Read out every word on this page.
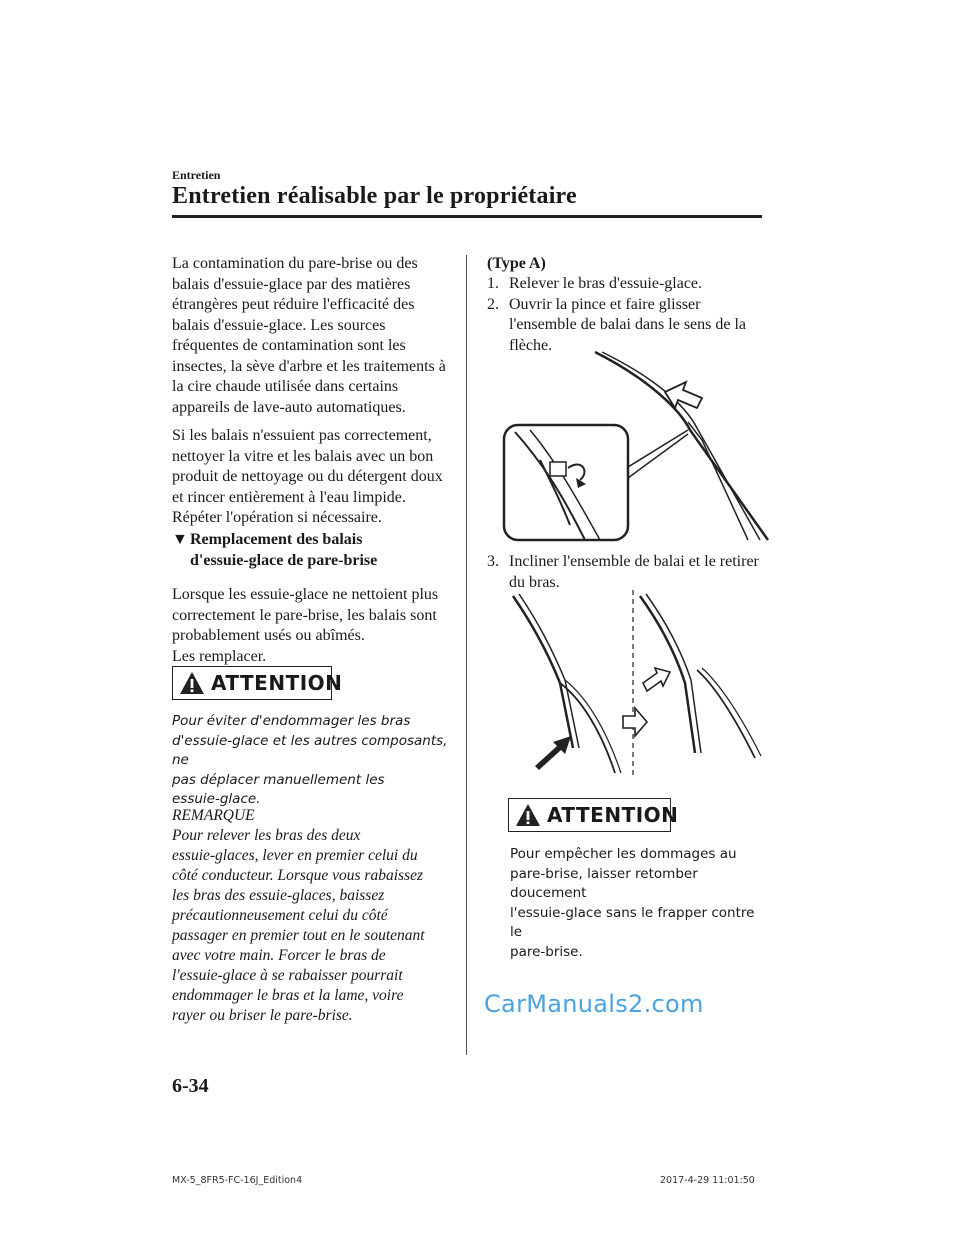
Entretien
Entretien réalisable par le propriétaire
La contamination du pare-brise ou des
balais d'essuie-glace par des matières
étrangères peut réduire l'efficacité des
balais d'essuie-glace. Les sources
fréquentes de contamination sont les
insectes, la sève d'arbre et les traitements à
la cire chaude utilisée dans certains
appareils de lave-auto automatiques.
Si les balais n'essuient pas correctement,
nettoyer la vitre et les balais avec un bon
produit de nettoyage ou du détergent doux
et rincer entièrement à l'eau limpide.
Répéter l'opération si nécessaire.
▼ Remplacement des balais
d'essuie-glace de pare-brise
Lorsque les essuie-glace ne nettoient plus
correctement le pare-brise, les balais sont
probablement usés ou abîmés.
Les remplacer.
ATTENTION
Pour éviter d'endommager les bras
d'essuie-glace et les autres composants, ne
pas déplacer manuellement les
essuie-glace.
REMARQUE
Pour relever les bras des deux
essuie-glaces, lever en premier celui du
côté conducteur. Lorsque vous rabaissez
les bras des essuie-glaces, baissez
précautionneusement celui du côté
passager en premier tout en le soutenant
avec votre main. Forcer le bras de
l'essuie-glace à se rabaisser pourrait
endommager le bras et la lame, voire
rayer ou briser le pare-brise.
(Type A)
1. Relever le bras d'essuie-glace.
2. Ouvrir la pince et faire glisser
l'ensemble de balai dans le sens de la
flèche.
3. Incliner l'ensemble de balai et le retirer
du bras.
ATTENTION
Pour empêcher les dommages au
pare-brise, laisser retomber doucement
l'essuie-glace sans le frapper contre le
pare-brise.
CarManuals2.com
6-34
MX-5_8FR5-FC-16J_Edition4	2017-4-29 11:01:50
